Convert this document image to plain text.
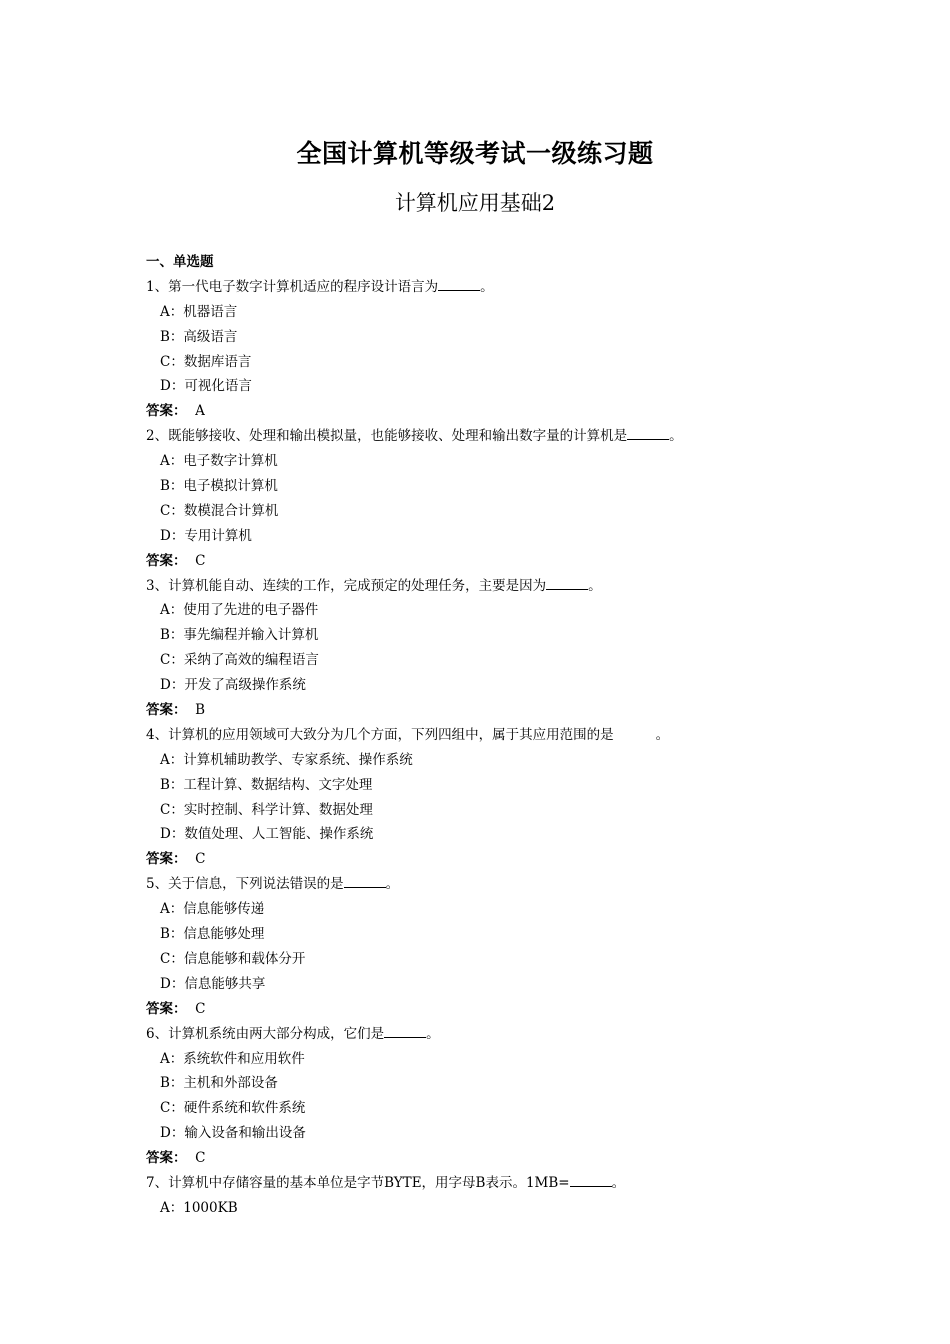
全国计算机等级考试一级练习题
计算机应用基础2
一、单选题
1、第一代电子数字计算机适应的程序设计语言为	。
A：机器语言
B：高级语言
C：数据库语言
D：可视化语言
答案： A
2、既能够接收、处理和输出模拟量，也能够接收、处理和输出数字量的计算机是	。
A：电子数字计算机
B：电子模拟计算机
C：数模混合计算机
D：专用计算机
答案： C
3、计算机能自动、连续的工作，完成预定的处理任务，主要是因为	。
A：使用了先进的电子器件
B：事先编程并输入计算机
C：采纳了高效的编程语言
D：开发了高级操作系统
答案： B
4、计算机的应用领域可大致分为几个方面，下列四组中，属于其应用范围的是	。
A：计算机辅助教学、专家系统、操作系统
B：工程计算、数据结构、文字处理
C：实时控制、科学计算、数据处理
D：数值处理、人工智能、操作系统
答案： C
5、关于信息，下列说法错误的是	。
A：信息能够传递
B：信息能够处理
C：信息能够和载体分开
D：信息能够共享
答案： C
6、计算机系统由两大部分构成，它们是	。
A：系统软件和应用软件
B：主机和外部设备
C：硬件系统和软件系统
D：输入设备和输出设备
答案： C
7、计算机中存储容量的基本单位是字节BYTE，用字母B表示。1MB=	。
A：1000KB
